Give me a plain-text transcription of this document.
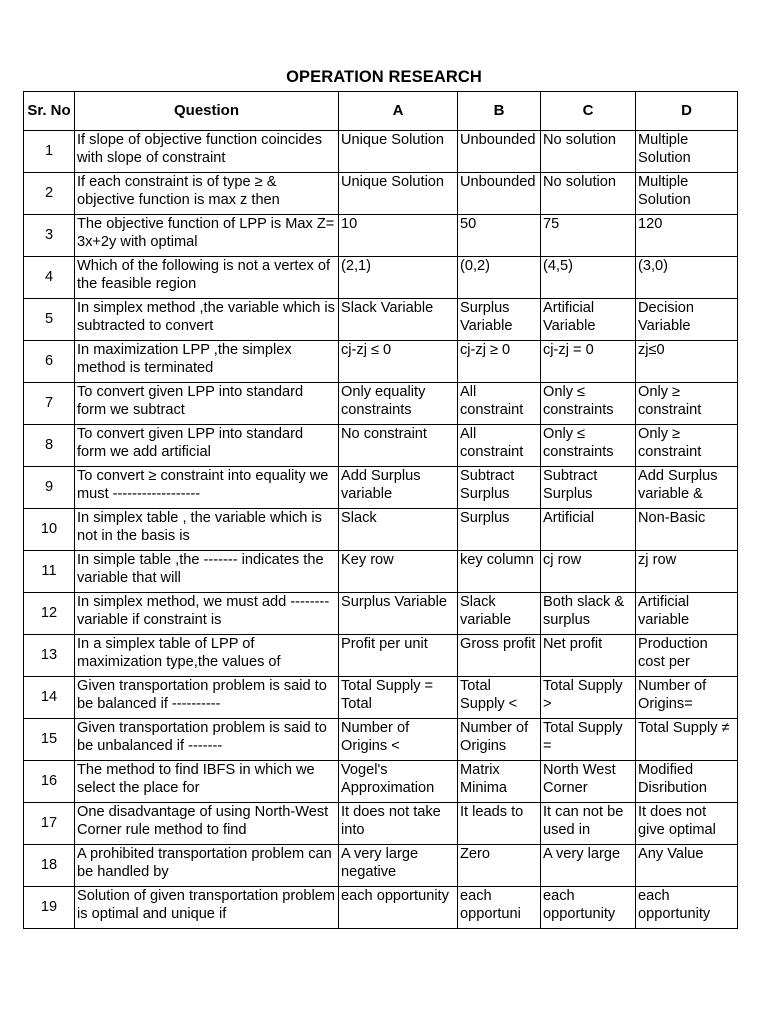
OPERATION RESEARCH
Sr. No	Question	A	B	C	D
1	If slope of objective function coincides with slope of constraint	Unique Solution	Unbounded	No solution	Multiple Solution

2	If each constraint is of type ≥ & objective function is max z then	Unique Solution	Unbounded	No solution	Multiple Solution

3	The objective function of LPP is Max Z= 3x+2y with optimal	10	50	75	120

4	Which of the following is not a vertex of the feasible region	(2,1)	(0,2)	(4,5)	(3,0)

5	In simplex method ,the variable which is subtracted to convert	Slack Variable	Surplus Variable	Artificial Variable	Decision Variable

6	In maximization LPP ,the simplex method is terminated	cj-zj ≤ 0	cj-zj ≥ 0	cj-zj = 0	zj≤0

7	To convert given LPP into standard form we subtract	Only equality constraints	All constraint	Only ≤ constraints	Only ≥ constraint

8	To convert given LPP into standard form we add artificial	No constraint	All constraint	Only ≤ constraints	Only ≥ constraint

9	To convert ≥ constraint into equality we must ------------------	Add Surplus variable	Subtract Surplus	Subtract Surplus	Add Surplus variable &

10	In simplex table , the variable which is not in the basis is	Slack	Surplus	Artificial	Non-Basic

11	In simple table ,the ------- indicates the variable that will	Key row	key column	cj row	zj row

12	In simplex method, we must add -------- variable if constraint is	Surplus Variable	Slack variable	Both slack & surplus	Artificial variable

13	In a simplex table of LPP of maximization type,the values of	Profit per unit	Gross profit	Net profit	Production cost per

14	Given transportation problem is said to be balanced if ----------	Total Supply = Total	Total Supply <	Total Supply >	Number of Origins=

15	Given transportation problem is said to be unbalanced if -------	Number of Origins <	Number of Origins	Total Supply =	Total Supply ≠

16	The method to find IBFS in which we select the place for	Vogel's Approximation	Matrix Minima	North West Corner	Modified Disribution

17	One disadvantage of using North-West Corner rule method to find	It does not take into	It leads to	It can not be used in	It does not give optimal

18	A prohibited transportation problem can be handled by	A very large negative	Zero	A very large	Any Value

19	Solution of given transportation problem is optimal and unique if	each opportunity	each opportuni	each opportunity	each opportunity
